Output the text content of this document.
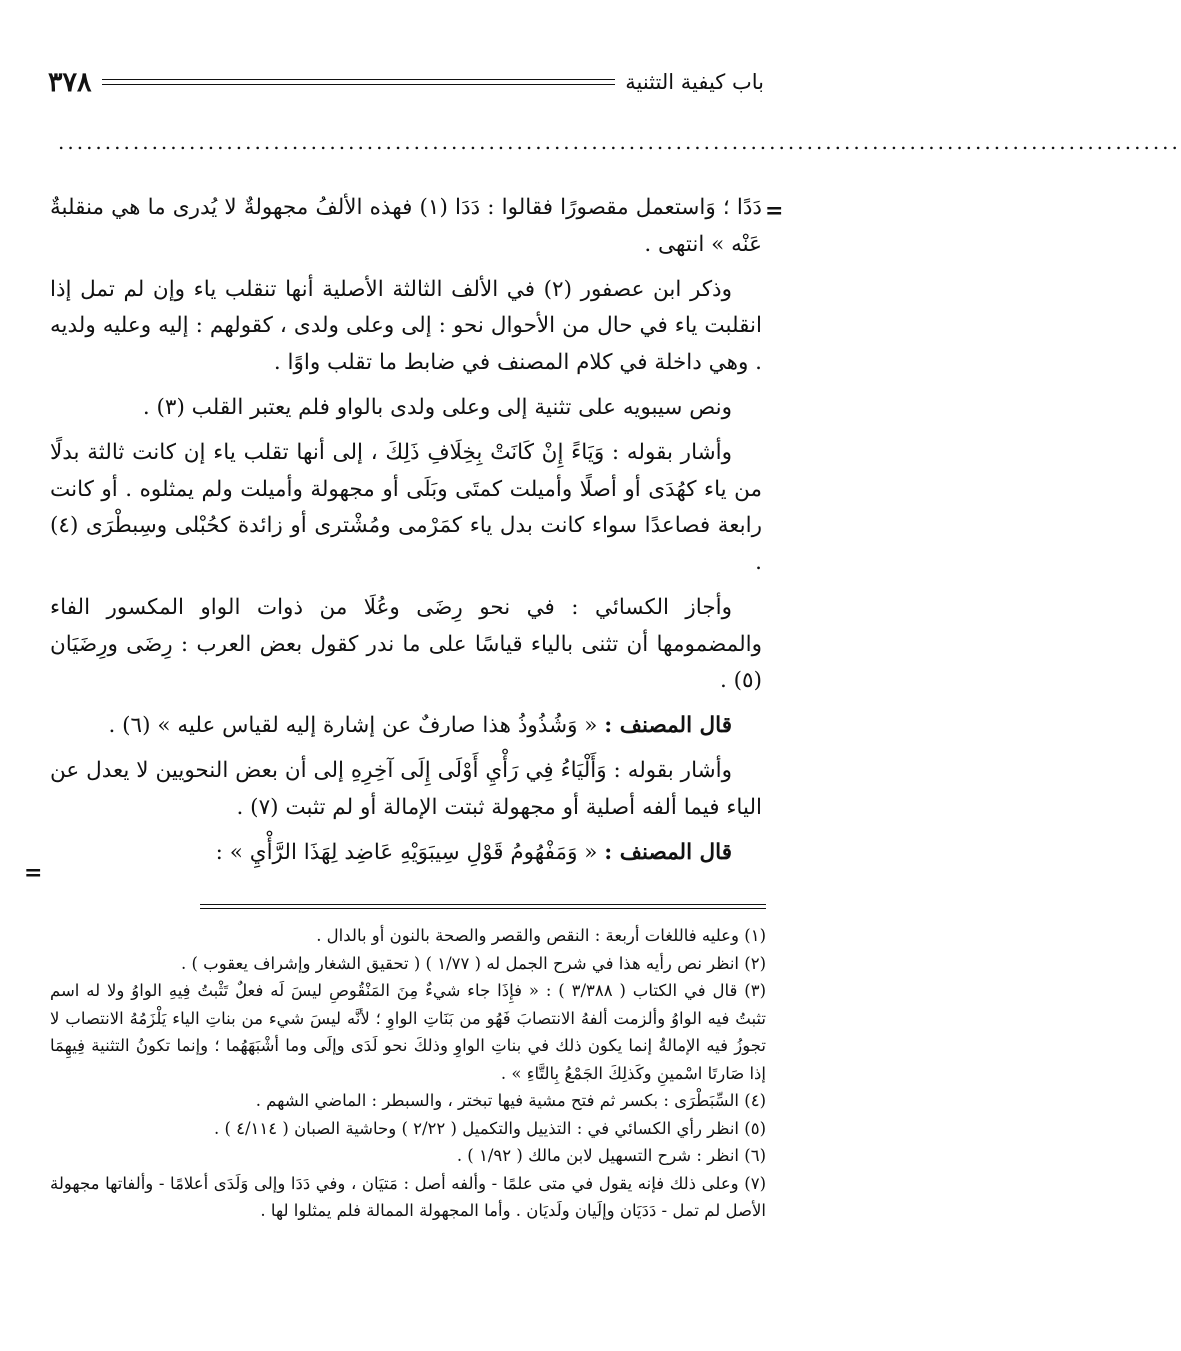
٣٧٨	باب كيفية التثنية
........................................................................................................................
=

دَدًا ؛ وَاستعمل مقصورًا فقالوا : دَدَا (١) فهذه الألفُ مجهولةٌ لا يُدرى ما هي منقلبةٌ عَنْه » انتهى .

وذكر ابن عصفور (٢) في الألف الثالثة الأصلية أنها تنقلب ياء وإن لم تمل إذا انقلبت ياء في حال من الأحوال نحو : إلى وعلى ولدى ، كقولهم : إليه وعليه ولديه . وهي داخلة في كلام المصنف في ضابط ما تقلب واوًا .

ونص سيبويه على تثنية إلى وعلى ولدى بالواو فلم يعتبر القلب (٣) .

وأشار بقوله : وَيَاءً إِنْ كَانَتْ بِخِلَافِ ذَلِكَ ، إلى أنها تقلب ياء إن كانت ثالثة بدلًا من ياء كهُدَى أو أصلًا وأميلت كمتَى وبَلَى أو مجهولة وأميلت ولم يمثلوه . أو كانت رابعة فصاعدًا سواء كانت بدل ياء كمَرْمى ومُشْترى أو زائدة كحُبْلى وسِبطْرَى (٤) .

وأجاز الكسائي : في نحو رِضَى وعُلَا من ذوات الواو المكسور الفاء والمضمومها أن تثنى بالياء قياسًا على ما ندر كقول بعض العرب : رِضَى ورِضَيَان (٥) .

قال المصنف : « وَشُذُوذُ هذا صارفٌ عن إشارة إليه لقياس عليه » (٦) .

وأشار بقوله : وَأَلْيَاءُ فِي رَأْيِ أَوْلَى إِلَى آخِرِهِ إلى أن بعض النحويين لا يعدل عن الياء فيما ألفه أصلية أو مجهولة ثبتت الإمالة أو لم تثبت (٧) .

قال المصنف : « وَمَفْهُومُ قَوْلِ سِيبَوَيْهِ عَاضِد لِهَذَا الرَّأْيِ » :

=

(١) وعليه فاللغات أربعة : النقص والقصر والصحة بالنون أو بالدال .

(٢) انظر نص رأيه هذا في شرح الجمل له ( ١/٧٧ ) ( تحقيق الشغار وإشراف يعقوب ) .

(٣) قال في الكتاب ( ٣/٣٨٨ ) : « فإِذَا جاء شيءٌ مِنَ المَنْقُوصِ ليسَ لَه فعلٌ تَثْبتُ فِيهِ الواوُ ولا له اسم تثبتُ فيه الواوُ وألزمت ألفهُ الانتصابَ فَهُو من بَنَاتِ الواوِ ؛ لأنَّه ليسَ شيء من بناتِ الياء يَلْزَمُهُ الانتصاب لا تجوزُ فيه الإمالةُ إنما يكون ذلك في بناتِ الواوِ وذلكَ نحو لَدَى وإلَى وما أشْبَهَهُما ؛ وإنما تكونُ التثنية فِيهِمَا إذا صَارتَا اسْمينِ وكَذلِكَ الجَمْعُ بِالتَّاءِ » .

(٤) السِّبَطْرَى : بكسر ثم فتح مشية فيها تبختر ، والسبطر : الماضي الشهم .

(٥) انظر رأي الكسائي في : التذييل والتكميل ( ٢/٢٢ ) وحاشية الصبان ( ٤/١١٤ ) .

(٦) انظر : شرح التسهيل لابن مالك ( ١/٩٢ ) .

(٧) وعلى ذلك فإنه يقول في متى علمًا - وألفه أصل : مَتيَان ، وفي دَدَا وإلى وَلَدَى أعلامًا - وألفاتها مجهولة الأصل لم تمل - دَدَيَان وإلَيان ولَديَان . وأما المجهولة الممالة فلم يمثلوا لها .
